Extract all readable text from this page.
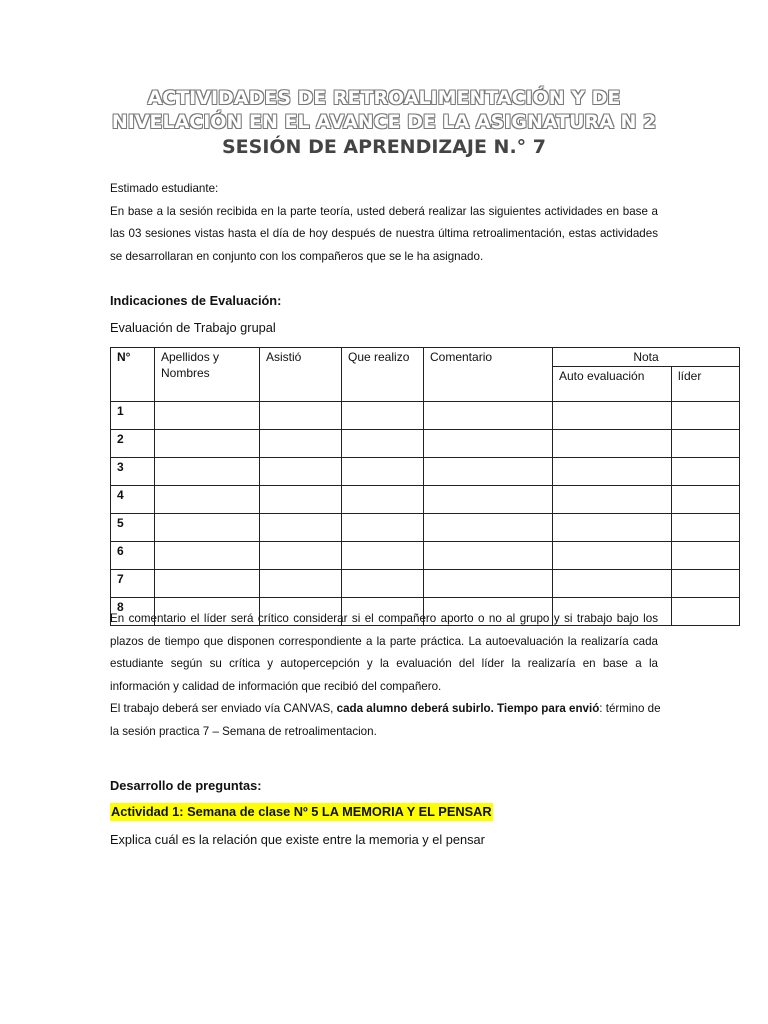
ACTIVIDADES DE RETROALIMENTACIÓN Y DE
NIVELACIÓN EN EL AVANCE DE LA ASIGNATURA N 2
SESIÓN DE APRENDIZAJE N.° 7
Estimado estudiante:
En base a la sesión recibida en la parte teoría, usted deberá realizar las siguientes actividades en base a
las 03 sesiones vistas hasta el día de hoy después de nuestra última retroalimentación, estas actividades
se desarrollaran en conjunto con los compañeros que se le ha asignado.
Indicaciones de Evaluación:
Evaluación de Trabajo grupal
N°	Apellidos y Nombres	Asistió	Que realizo	Comentario	Nota	
					Auto evaluación	líder
1						
2						
3						
4						
5						
6						
7						
8						
En comentario el líder será crítico considerar si el compañero aporto o no al grupo y si trabajo bajo los
plazos de tiempo que disponen correspondiente a la parte práctica. La autoevaluación la realizaría cada
estudiante según su crítica y autopercepción y la evaluación del líder la realizaría en base a la
información y calidad de información que recibió del compañero.
El trabajo deberá ser enviado vía CANVAS, cada alumno deberá subirlo. Tiempo para envió: término de
la sesión practica 7 – Semana de retroalimentacion.
Desarrollo de preguntas:
Actividad 1: Semana de clase Nº 5 LA MEMORIA Y EL PENSAR
Explica cuál es la relación que existe entre la memoria y el pensar
